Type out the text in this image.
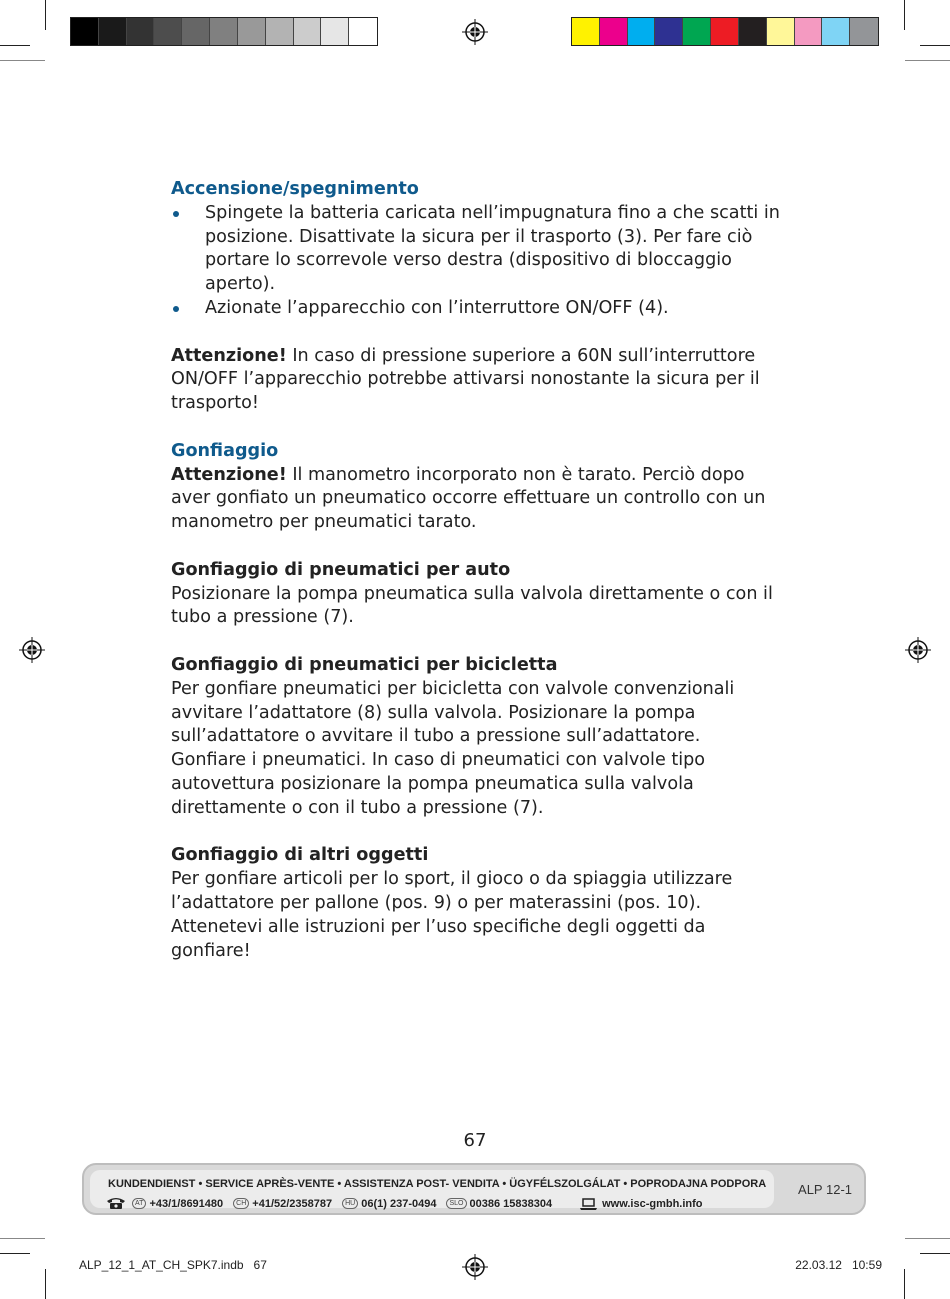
Accensione/spegnimento

Spingete la batteria caricata nell’impugnatura fino a che scatti in posizione. Disattivate la sicura per il trasporto (3). Per fare ciò portare lo scorrevole verso destra (dispositivo di bloccaggio aperto).
Azionate l’apparecchio con l’interruttore ON/OFF (4).

Attenzione! In caso di pressione superiore a 60N sull’interruttore ON/OFF l’apparecchio potrebbe attivarsi nonostante la sicura per il trasporto!

Gonfiaggio

Attenzione! Il manometro incorporato non è tarato. Perciò dopo aver gonfiato un pneumatico occorre effettuare un controllo con un manometro per pneumatici tarato.

Gonfiaggio di pneumatici per auto

Posizionare la pompa pneumatica sulla valvola direttamente o con il tubo a pressione (7).

Gonfiaggio di pneumatici per bicicletta

Per gonfiare pneumatici per bicicletta con valvole convenzionali avvitare l’adattatore (8) sulla valvola. Posizionare la pompa sull’adattatore o avvitare il tubo a pressione sull’adattatore. Gonfiare i pneumatici. In caso di pneumatici con valvole tipo autovettura posizionare la pompa pneumatica sulla valvola direttamente o con il tubo a pressione (7).

Gonfiaggio di altri oggetti

Per gonfiare articoli per lo sport, il gioco o da spiaggia utilizzare l’adattatore per pallone (pos. 9) o per materassini (pos. 10).

Attenetevi alle istruzioni per l’uso specifiche degli oggetti da gonfiare!

67
KUNDENDIENST • SERVICE APRÈS-VENTE • ASSISTENZA POST- VENDITA • ÜGYFÉLSZOLGÁLAT • POPRODAJNA PODPORA
AT +43/1/8691480	CH +41/52/2358787	HU 06(1) 237-0494	SLO 00386 15838304	www.isc-gmbh.info
ALP 12-1
ALP_12_1_AT_CH_SPK7.indb   67	22.03.12   10:59
